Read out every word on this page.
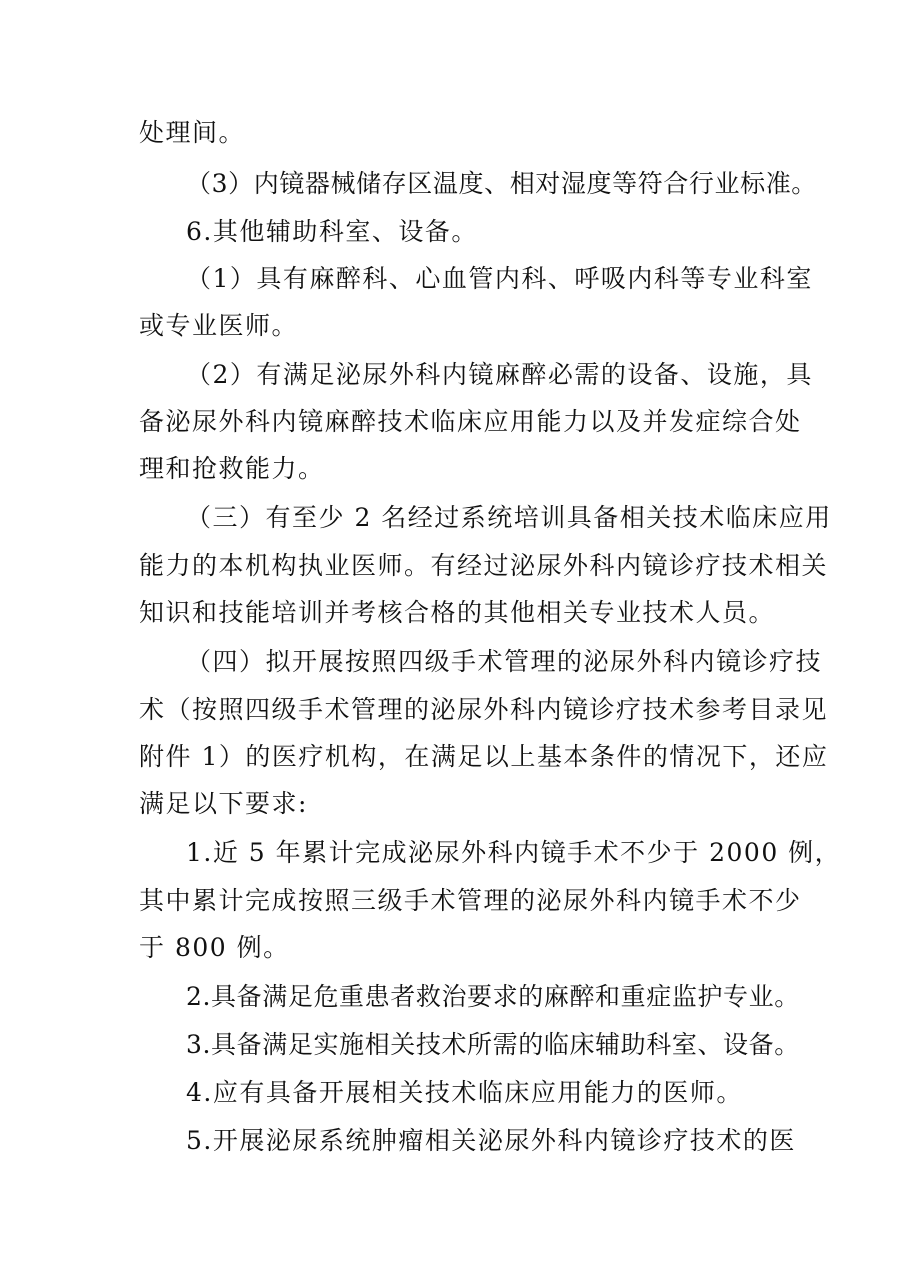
处理间。
（3）内镜器械储存区温度、相对湿度等符合行业标准。
6.其他辅助科室、设备。
（1）具有麻醉科、心血管内科、呼吸内科等专业科室
或专业医师。
（2）有满足泌尿外科内镜麻醉必需的设备、设施，具
备泌尿外科内镜麻醉技术临床应用能力以及并发症综合处
理和抢救能力。
（三）有至少 2 名经过系统培训具备相关技术临床应用
能力的本机构执业医师。有经过泌尿外科内镜诊疗技术相关
知识和技能培训并考核合格的其他相关专业技术人员。
（四）拟开展按照四级手术管理的泌尿外科内镜诊疗技
术（按照四级手术管理的泌尿外科内镜诊疗技术参考目录见
附件 1）的医疗机构，在满足以上基本条件的情况下，还应
满足以下要求:
1.近 5 年累计完成泌尿外科内镜手术不少于 2000 例，
其中累计完成按照三级手术管理的泌尿外科内镜手术不少
于 800 例。
2.具备满足危重患者救治要求的麻醉和重症监护专业。
3.具备满足实施相关技术所需的临床辅助科室、设备。
4.应有具备开展相关技术临床应用能力的医师。
5.开展泌尿系统肿瘤相关泌尿外科内镜诊疗技术的医
